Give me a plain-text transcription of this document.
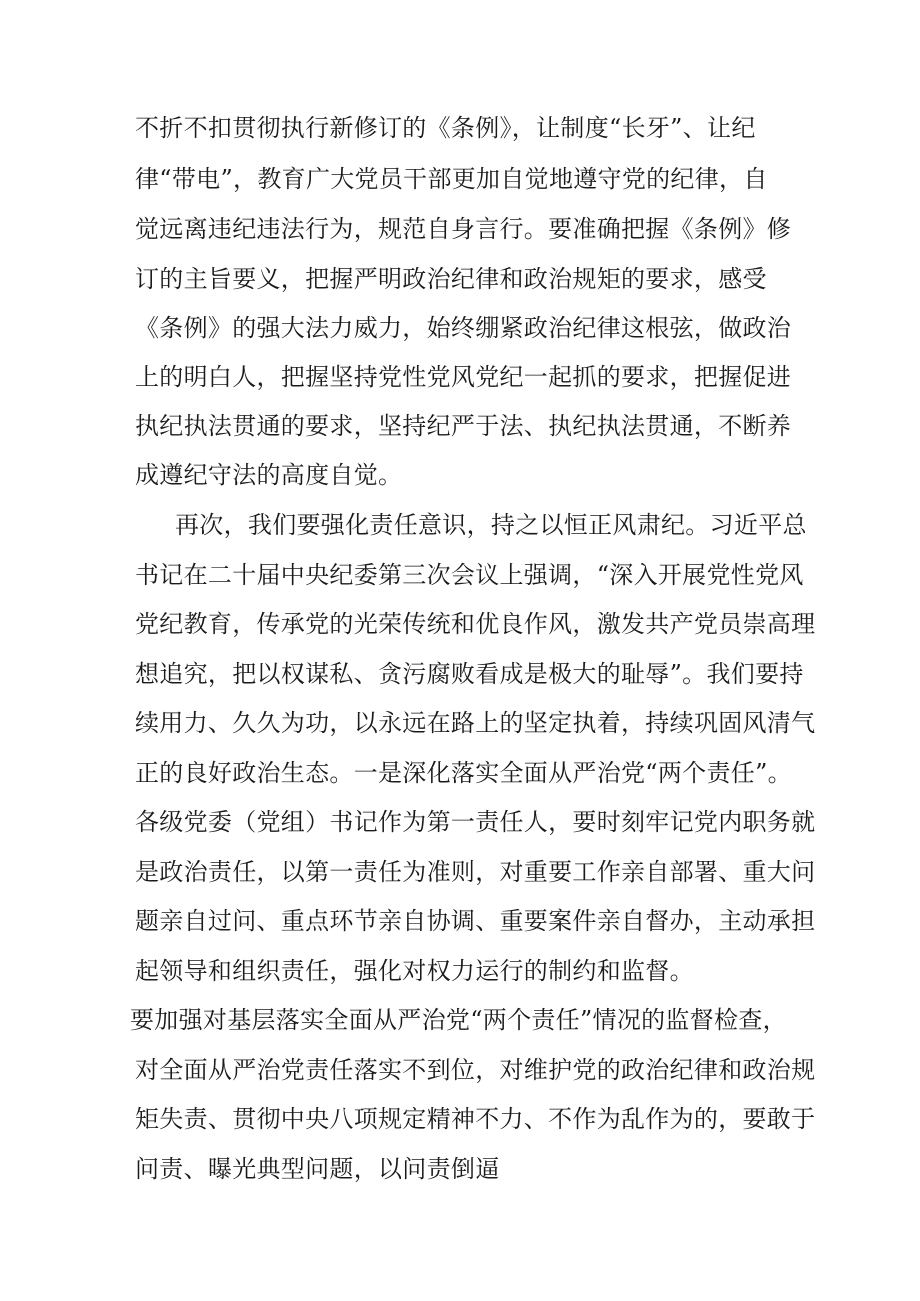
不折不扣贯彻执行新修订的《条例》，让制度“长牙”、让纪
律“带电”，教育广大党员干部更加自觉地遵守党的纪律，自
觉远离违纪违法行为，规范自身言行。要准确把握《条例》修
订的主旨要义，把握严明政治纪律和政治规矩的要求，感受
《条例》的强大法力威力，始终绷紧政治纪律这根弦，做政治
上的明白人，把握坚持党性党风党纪一起抓的要求，把握促进
执纪执法贯通的要求，坚持纪严于法、执纪执法贯通，不断养
成遵纪守法的高度自觉。
再次，我们要强化责任意识，持之以恒正风肃纪。习近平总
书记在二十届中央纪委第三次会议上强调，“深入开展党性党风
党纪教育，传承党的光荣传统和优良作风，激发共产党员崇高理
想追究，把以权谋私、贪污腐败看成是极大的耻辱”。我们要持
续用力、久久为功，以永远在路上的坚定执着，持续巩固风清气
正的良好政治生态。一是深化落实全面从严治党“两个责任”。
各级党委（党组）书记作为第一责任人，要时刻牢记党内职务就
是政治责任，以第一责任为准则，对重要工作亲自部署、重大问
题亲自过问、重点环节亲自协调、重要案件亲自督办，主动承担
起领导和组织责任，强化对权力运行的制约和监督。
要加强对基层落实全面从严治党“两个责任”情况的监督检查，
对全面从严治党责任落实不到位，对维护党的政治纪律和政治规
矩失责、贯彻中央八项规定精神不力、不作为乱作为的，要敢于
问责、曝光典型问题，以问责倒逼
